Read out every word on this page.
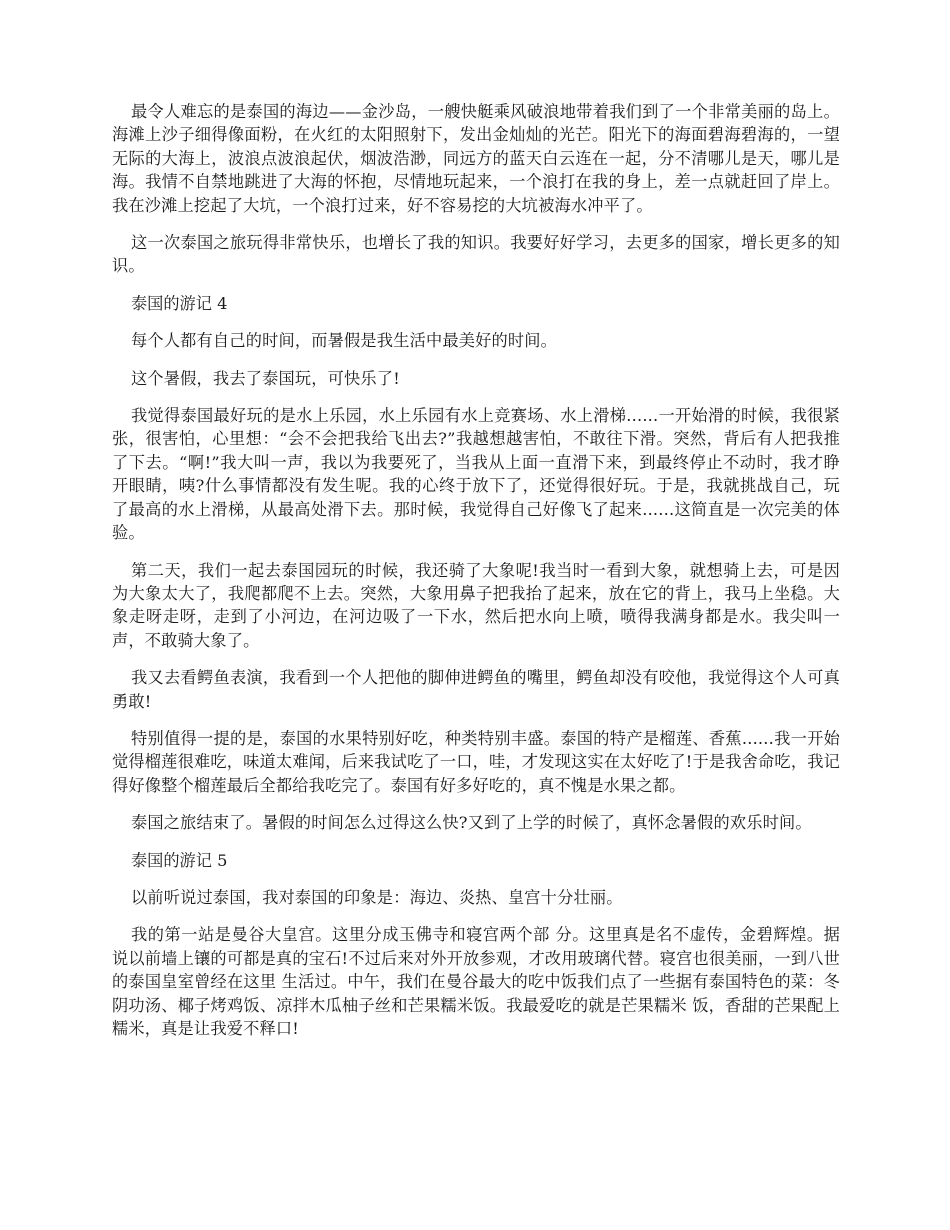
最令人难忘的是泰国的海边——金沙岛，一艘快艇乘风破浪地带着我们到了一个非常美丽的岛上。海滩上沙子细得像面粉，在火红的太阳照射下，发出金灿灿的光芒。阳光下的海面碧海碧海的，一望无际的大海上，波浪点波浪起伏，烟波浩渺，同远方的蓝天白云连在一起，分不清哪儿是天，哪儿是海。我情不自禁地跳进了大海的怀抱，尽情地玩起来，一个浪打在我的身上，差一点就赶回了岸上。我在沙滩上挖起了大坑，一个浪打过来，好不容易挖的大坑被海水冲平了。

这一次泰国之旅玩得非常快乐，也增长了我的知识。我要好好学习，去更多的国家，增长更多的知识。

泰国的游记 4

每个人都有自己的时间，而暑假是我生活中最美好的时间。

这个暑假，我去了泰国玩，可快乐了!

我觉得泰国最好玩的是水上乐园，水上乐园有水上竞赛场、水上滑梯......一开始滑的时候，我很紧张，很害怕，心里想：“会不会把我给飞出去?”我越想越害怕，不敢往下滑。突然，背后有人把我推了下去。“啊!”我大叫一声，我以为我要死了，当我从上面一直滑下来，到最终停止不动时，我才睁开眼睛，咦?什么事情都没有发生呢。我的心终于放下了，还觉得很好玩。于是，我就挑战自己，玩了最高的水上滑梯，从最高处滑下去。那时候，我觉得自己好像飞了起来......这简直是一次完美的体验。

第二天，我们一起去泰国园玩的时候，我还骑了大象呢!我当时一看到大象，就想骑上去，可是因为大象太大了，我爬都爬不上去。突然，大象用鼻子把我抬了起来，放在它的背上，我马上坐稳。大象走呀走呀，走到了小河边，在河边吸了一下水，然后把水向上喷，喷得我满身都是水。我尖叫一声，不敢骑大象了。

我又去看鳄鱼表演，我看到一个人把他的脚伸进鳄鱼的嘴里，鳄鱼却没有咬他，我觉得这个人可真勇敢!

特别值得一提的是，泰国的水果特别好吃，种类特别丰盛。泰国的特产是榴莲、香蕉......我一开始觉得榴莲很难吃，味道太难闻，后来我试吃了一口，哇，才发现这实在太好吃了!于是我舍命吃，我记得好像整个榴莲最后全都给我吃完了。泰国有好多好吃的，真不愧是水果之都。

泰国之旅结束了。暑假的时间怎么过得这么快?又到了上学的时候了，真怀念暑假的欢乐时间。

泰国的游记 5

以前听说过泰国，我对泰国的印象是：海边、炎热、皇宫十分壮丽。

我的第一站是曼谷大皇宫。这里分成玉佛寺和寝宫两个部 分。这里真是名不虚传，金碧辉煌。据说以前墙上镶的可都是真的宝石!不过后来对外开放参观，才改用玻璃代替。寝宫也很美丽，一到八世的泰国皇室曾经在这里 生活过。中午，我们在曼谷最大的吃中饭我们点了一些据有泰国特色的菜：冬阴功汤、椰子烤鸡饭、凉拌木瓜柚子丝和芒果糯米饭。我最爱吃的就是芒果糯米 饭，香甜的芒果配上糯米，真是让我爱不释口!
